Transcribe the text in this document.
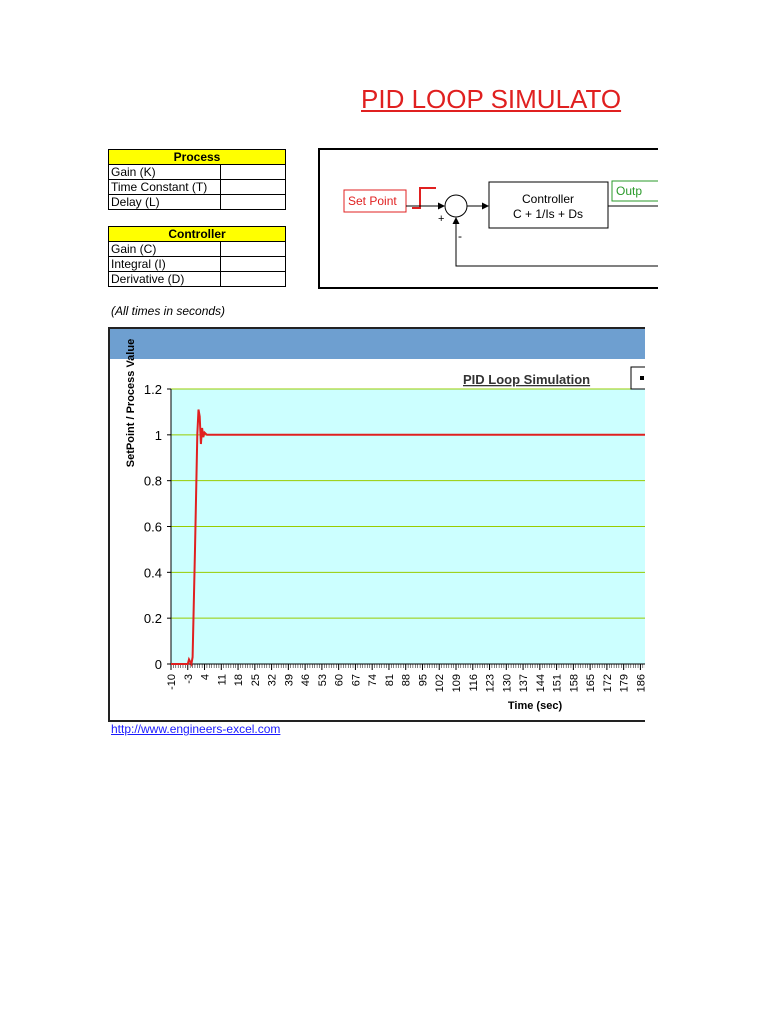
PID LOOP SIMULATO
Process	
Gain (K)	
Time Constant (T)	
Delay (L)	
Controller	
Gain (C)	
Integral (I)	
Derivative (D)	
Set Point
+
-
Controller
C + 1/Is + Ds
Outp
(All times in seconds)
0
0.2
0.4
0.6
0.8
1
1.2
-10 -3 4 11 18 25 32 39 46 53 60 67 74 81 88 95 102 109 116 123 130 137 144 151 158 165 172 179 186
PID Loop Simulation
Time (sec)
SetPoint / Process Value
http://www.engineers-excel.com
